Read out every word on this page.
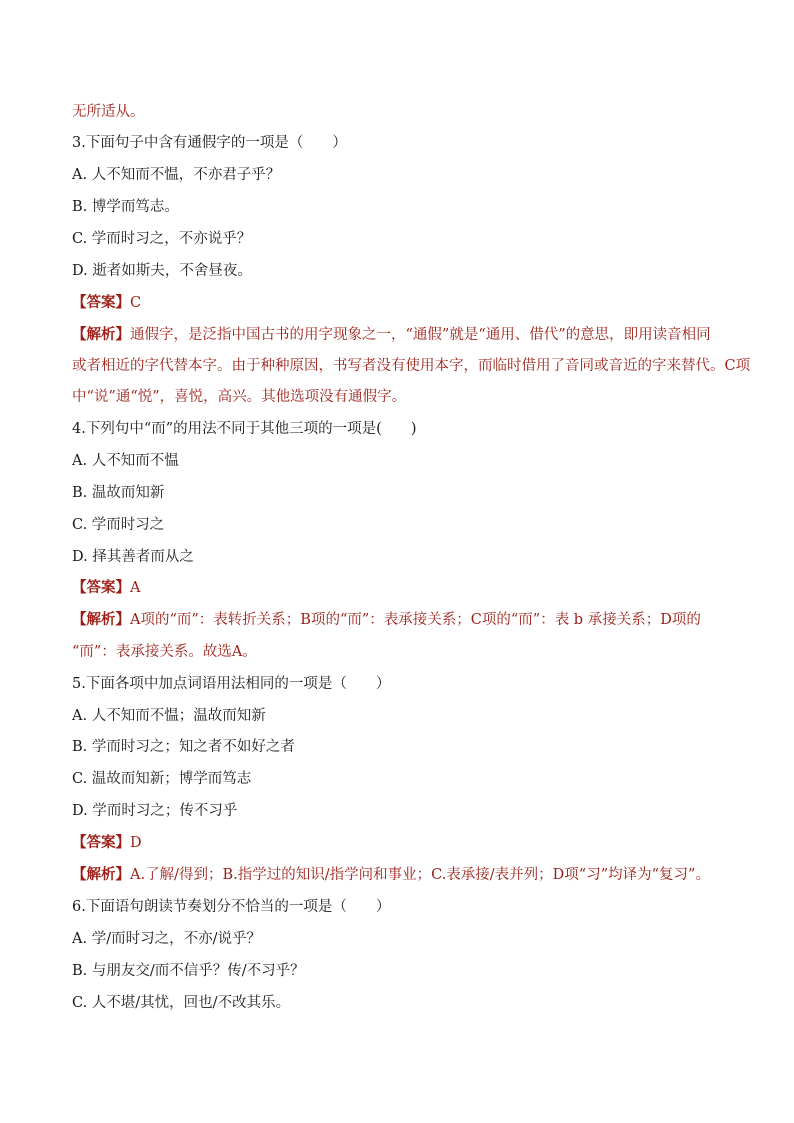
无所适从。
3.下面句子中含有通假字的一项是（　　）
A. 人不知而不愠，不亦君子乎？
B. 博学而笃志。
C. 学而时习之，不亦说乎？
D. 逝者如斯夫，不舍昼夜。
【答案】C
【解析】通假字，是泛指中国古书的用字现象之一，“通假”就是“通用、借代”的意思，即用读音相同
或者相近的字代替本字。由于种种原因，书写者没有使用本字，而临时借用了音同或音近的字来替代。C项
中“说”通“悦”，喜悦，高兴。其他选项没有通假字。
4.下列句中“而”的用法不同于其他三项的一项是(　　)
A. 人不知而不愠
B. 温故而知新
C. 学而时习之
D. 择其善者而从之
【答案】A
【解析】A项的“而”：表转折关系；B项的“而”：表承接关系；C项的“而”：表 b 承接关系；D项的
“而”：表承接关系。故选A。
5.下面各项中加点词语用法相同的一项是（　　）
A. 人不知而不愠；温故而知新
B. 学而时习之；知之者不如好之者
C. 温故而知新；博学而笃志
D. 学而时习之；传不习乎
【答案】D
【解析】A.了解/得到；B.指学过的知识/指学问和事业；C.表承接/表并列；D项“习”均译为“复习”。
6.下面语句朗读节奏划分不恰当的一项是（　　）
A. 学/而时习之，不亦/说乎？
B. 与朋友交/而不信乎？传/不习乎？
C. 人不堪/其忧，回也/不改其乐。
